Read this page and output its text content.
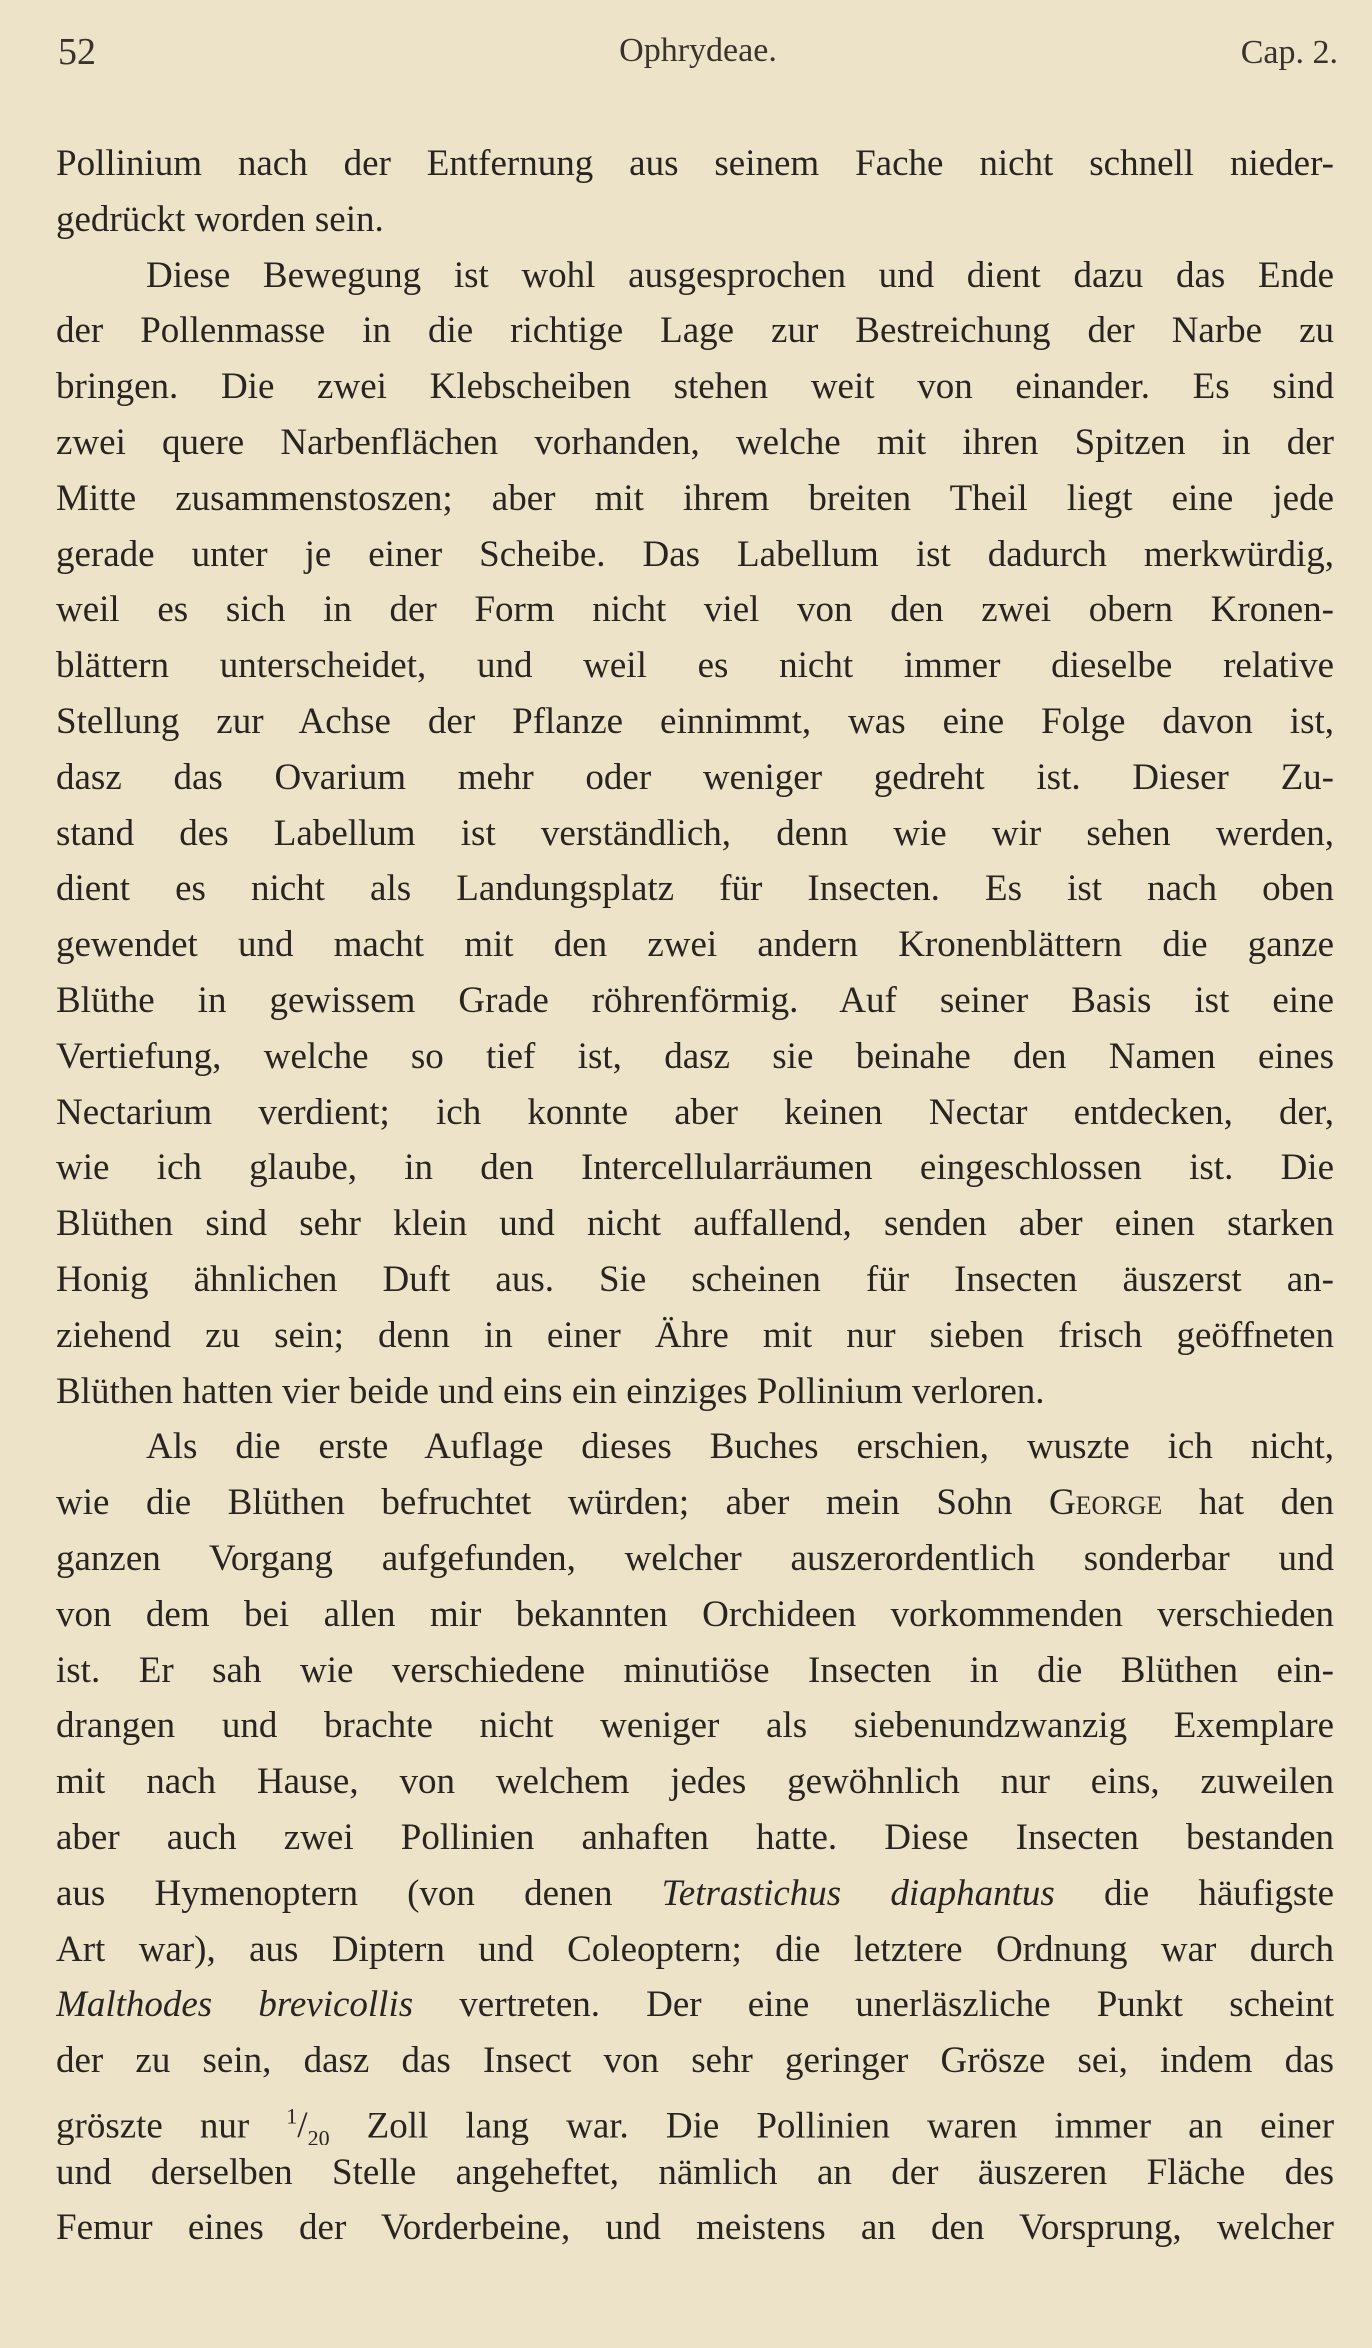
52	Ophrydeae.	Cap. 2.
Pollinium nach der Entfernung aus seinem Fache nicht schnell nieder-
gedrückt worden sein.
Diese Bewegung ist wohl ausgesprochen und dient dazu das Ende
der Pollenmasse in die richtige Lage zur Bestreichung der Narbe zu
bringen. Die zwei Klebscheiben stehen weit von einander. Es sind
zwei quere Narbenflächen vorhanden, welche mit ihren Spitzen in der
Mitte zusammenstoszen; aber mit ihrem breiten Theil liegt eine jede
gerade unter je einer Scheibe. Das Labellum ist dadurch merkwürdig,
weil es sich in der Form nicht viel von den zwei obern Kronen-
blättern unterscheidet, und weil es nicht immer dieselbe relative
Stellung zur Achse der Pflanze einnimmt, was eine Folge davon ist,
dasz das Ovarium mehr oder weniger gedreht ist. Dieser Zu-
stand des Labellum ist verständlich, denn wie wir sehen werden,
dient es nicht als Landungsplatz für Insecten. Es ist nach oben
gewendet und macht mit den zwei andern Kronenblättern die ganze
Blüthe in gewissem Grade röhrenförmig. Auf seiner Basis ist eine
Vertiefung, welche so tief ist, dasz sie beinahe den Namen eines
Nectarium verdient; ich konnte aber keinen Nectar entdecken, der,
wie ich glaube, in den Intercellularräumen eingeschlossen ist. Die
Blüthen sind sehr klein und nicht auffallend, senden aber einen starken
Honig ähnlichen Duft aus. Sie scheinen für Insecten äuszerst an-
ziehend zu sein; denn in einer Ähre mit nur sieben frisch geöffneten
Blüthen hatten vier beide und eins ein einziges Pollinium verloren.
Als die erste Auflage dieses Buches erschien, wuszte ich nicht,
wie die Blüthen befruchtet würden; aber mein Sohn George hat den
ganzen Vorgang aufgefunden, welcher auszerordentlich sonderbar und
von dem bei allen mir bekannten Orchideen vorkommenden verschieden
ist. Er sah wie verschiedene minutiöse Insecten in die Blüthen ein-
drangen und brachte nicht weniger als siebenundzwanzig Exemplare
mit nach Hause, von welchem jedes gewöhnlich nur eins, zuweilen
aber auch zwei Pollinien anhaften hatte. Diese Insecten bestanden
aus Hymenoptern (von denen Tetrastichus diaphantus die häufigste
Art war), aus Diptern und Coleoptern; die letztere Ordnung war durch
Malthodes brevicollis vertreten. Der eine unerläszliche Punkt scheint
der zu sein, dasz das Insect von sehr geringer Grösze sei, indem das
gröszte nur $^1/_{20}$ Zoll lang war. Die Pollinien waren immer an einer
und derselben Stelle angeheftet, nämlich an der äuszeren Fläche des
Femur eines der Vorderbeine, und meistens an den Vorsprung, welcher
